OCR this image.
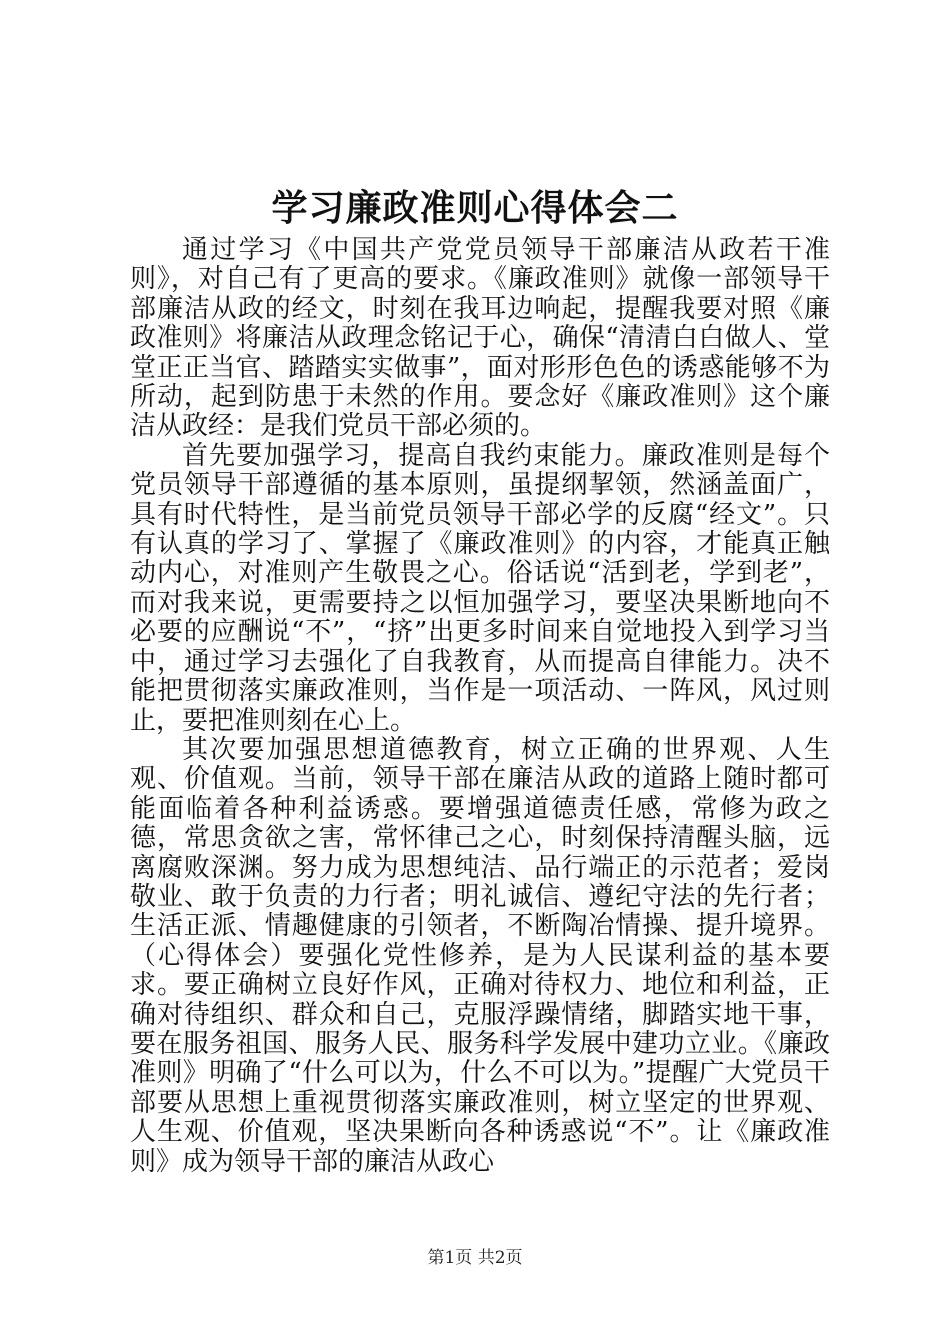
学习廉政准则心得体会二

通过学习《中国共产党党员领导干部廉洁从政若干准则》，对自己有了更高的要求。《廉政准则》就像一部领导干部廉洁从政的经文，时刻在我耳边响起，提醒我要对照《廉政准则》将廉洁从政理念铭记于心，确保“清清白白做人、堂堂正正当官、踏踏实实做事”，面对形形色色的诱惑能够不为所动，起到防患于未然的作用。要念好《廉政准则》这个廉洁从政经：是我们党员干部必须的。

首先要加强学习，提高自我约束能力。廉政准则是每个党员领导干部遵循的基本原则，虽提纲挈领，然涵盖面广，具有时代特性，是当前党员领导干部必学的反腐“经文”。只有认真的学习了、掌握了《廉政准则》的内容，才能真正触动内心，对准则产生敬畏之心。俗话说“活到老，学到老”，而对我来说，更需要持之以恒加强学习，要坚决果断地向不必要的应酬说“不”，“挤”出更多时间来自觉地投入到学习当中，通过学习去强化了自我教育，从而提高自律能力。决不能把贯彻落实廉政准则，当作是一项活动、一阵风，风过则止，要把准则刻在心上。

其次要加强思想道德教育，树立正确的世界观、人生观、价值观。当前，领导干部在廉洁从政的道路上随时都可能面临着各种利益诱惑。要增强道德责任感，常修为政之德，常思贪欲之害，常怀律己之心，时刻保持清醒头脑，远离腐败深渊。努力成为思想纯洁、品行端正的示范者；爱岗敬业、敢于负责的力行者；明礼诚信、遵纪守法的先行者；生活正派、情趣健康的引领者，不断陶冶情操、提升境界。（心得体会）要强化党性修养，是为人民谋利益的基本要求。要正确树立良好作风，正确对待权力、地位和利益，正确对待组织、群众和自己，克服浮躁情绪，脚踏实地干事，要在服务祖国、服务人民、服务科学发展中建功立业。《廉政准则》明确了“什么可以为，什么不可以为。”提醒广大党员干部要从思想上重视贯彻落实廉政准则，树立坚定的世界观、人生观、价值观，坚决果断向各种诱惑说“不”。让《廉政准则》成为领导干部的廉洁从政心

第1页 共2页
